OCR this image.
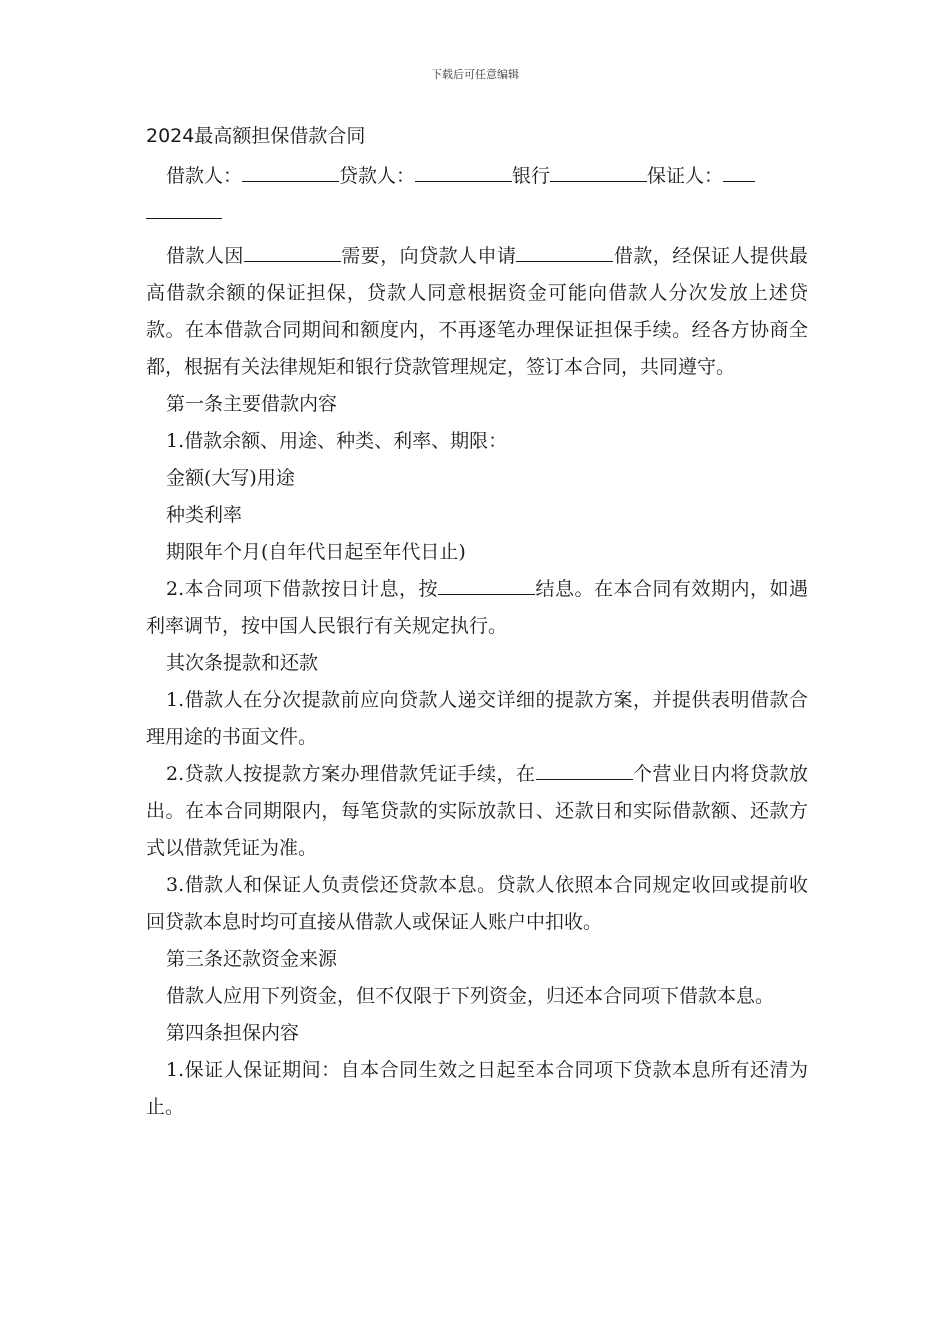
下载后可任意编辑
2024最高额担保借款合同

借款人：	贷款人：	银行	保证人：

借款人因	需要，向贷款人申请	借款，经保证人提供最高借款余额的保证担保，贷款人同意根据资金可能向借款人分次发放上述贷款。在本借款合同期间和额度内，不再逐笔办理保证担保手续。经各方协商全都，根据有关法律规矩和银行贷款管理规定，签订本合同，共同遵守。

第一条主要借款内容

1.借款余额、用途、种类、利率、期限：

金额(大写)用途

种类利率

期限年个月(自年代日起至年代日止)

2.本合同项下借款按日计息，按	结息。在本合同有效期内，如遇利率调节，按中国人民银行有关规定执行。

其次条提款和还款

1.借款人在分次提款前应向贷款人递交详细的提款方案，并提供表明借款合理用途的书面文件。

2.贷款人按提款方案办理借款凭证手续，在	个营业日内将贷款放出。在本合同期限内，每笔贷款的实际放款日、还款日和实际借款额、还款方式以借款凭证为准。

3.借款人和保证人负责偿还贷款本息。贷款人依照本合同规定收回或提前收回贷款本息时均可直接从借款人或保证人账户中扣收。

第三条还款资金来源

借款人应用下列资金，但不仅限于下列资金，归还本合同项下借款本息。

第四条担保内容

1.保证人保证期间：自本合同生效之日起至本合同项下贷款本息所有还清为止。
